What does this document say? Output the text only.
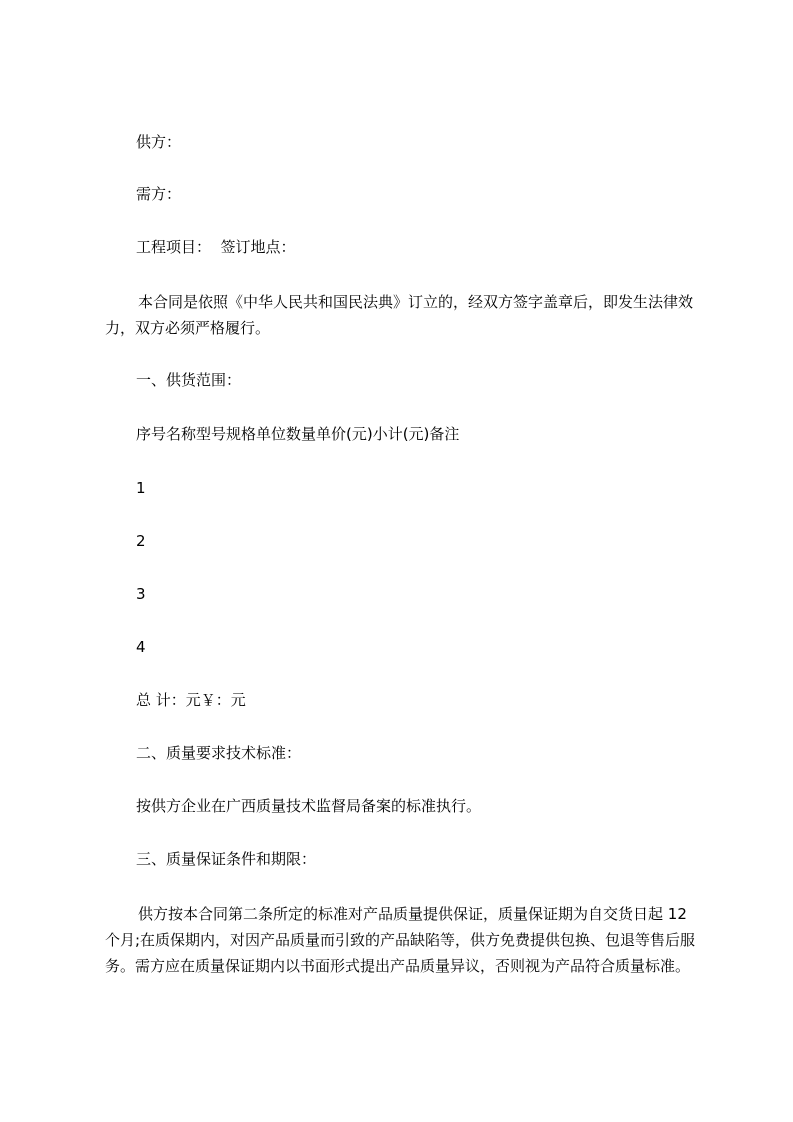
供方：
需方：
工程项目：  签订地点：
本合同是依照《中华人民共和国民法典》订立的，经双方签字盖章后，即发生法律效力，双方必须严格履行。
一、供货范围：
序号名称型号规格单位数量单价(元)小计(元)备注
1
2
3
4
总 计：元￥：元
二、质量要求技术标准：
按供方企业在广西质量技术监督局备案的标准执行。
三、质量保证条件和期限：
供方按本合同第二条所定的标准对产品质量提供保证，质量保证期为自交货日起 12 个月;在质保期内，对因产品质量而引致的产品缺陷等，供方免费提供包换、包退等售后服务。需方应在质量保证期内以书面形式提出产品质量异议，否则视为产品符合质量标准。
